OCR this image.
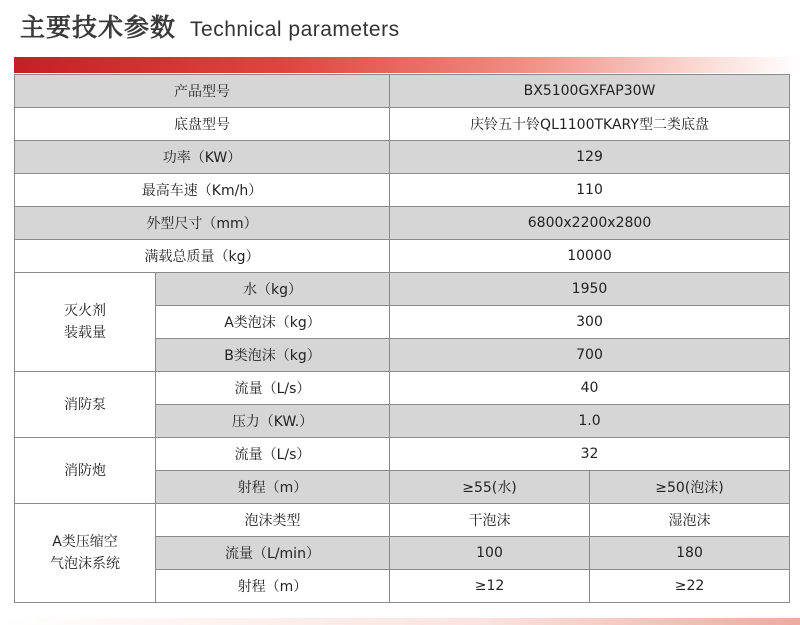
主要技术参数 Technical parameters
产品型号		BX5100GXFAP30W	
底盘型号		庆铃五十铃QL1100TKARY型二类底盘	
功率（KW）		129	
最高车速（Km/h）		110	
外型尺寸（mm）		6800x2200x2800	
满载总质量（kg）		10000	
灭火剂
装载量	水（kg）	1950	
	A类泡沫（kg）	300	
	B类泡沫（kg）	700	
消防泵	流量（L/s）	40	
	压力（KW.）	1.0	
消防炮	流量（L/s）	32	
	射程（m）	≥55(水)	≥50(泡沫)
A类压缩空
气泡沫系统	泡沫类型	干泡沫	湿泡沫
	流量（L/min）	100	180
	射程（m）	≥12	≥22
